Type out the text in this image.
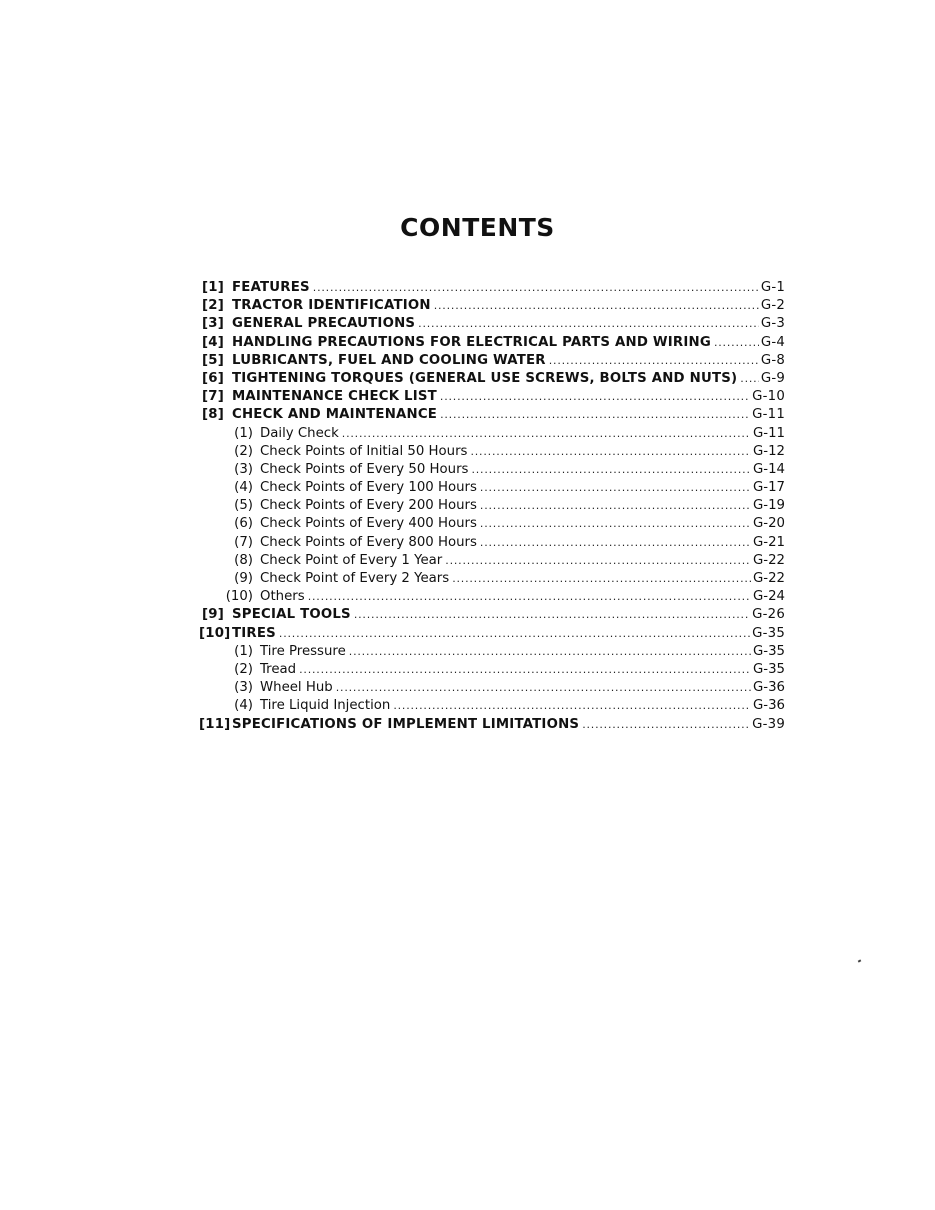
CONTENTS
[1] FEATURES .....	G-1
[2] TRACTOR IDENTIFICATION .....	G-2
[3] GENERAL PRECAUTIONS .....	G-3
[4] HANDLING PRECAUTIONS FOR ELECTRICAL PARTS AND WIRING .....	G-4
[5] LUBRICANTS, FUEL AND COOLING WATER .....	G-8
[6] TIGHTENING TORQUES (GENERAL USE SCREWS, BOLTS AND NUTS) ..... G-9
[7] MAINTENANCE CHECK LIST .....	G-10
[8] CHECK AND MAINTENANCE .....	G-11
(1) Daily Check .....	G-11
(2) Check Points of Initial 50 Hours .....	G-12
(3) Check Points of Every 50 Hours .....	G-14
(4) Check Points of Every 100 Hours .....	G-17
(5) Check Points of Every 200 Hours .....	G-19
(6) Check Points of Every 400 Hours .....	G-20
(7) Check Points of Every 800 Hours .....	G-21
(8) Check Point of Every 1 Year .....	G-22
(9) Check Point of Every 2 Years .....	G-22
(10) Others .....	G-24
[9] SPECIAL TOOLS .....	G-26
[10] TIRES .....	G-35
(1) Tire Pressure .....	G-35
(2) Tread .....	G-35
(3) Wheel Hub .....	G-36
(4) Tire Liquid Injection .....	G-36
[11] SPECIFICATIONS OF IMPLEMENT LIMITATIONS .....	G-39
